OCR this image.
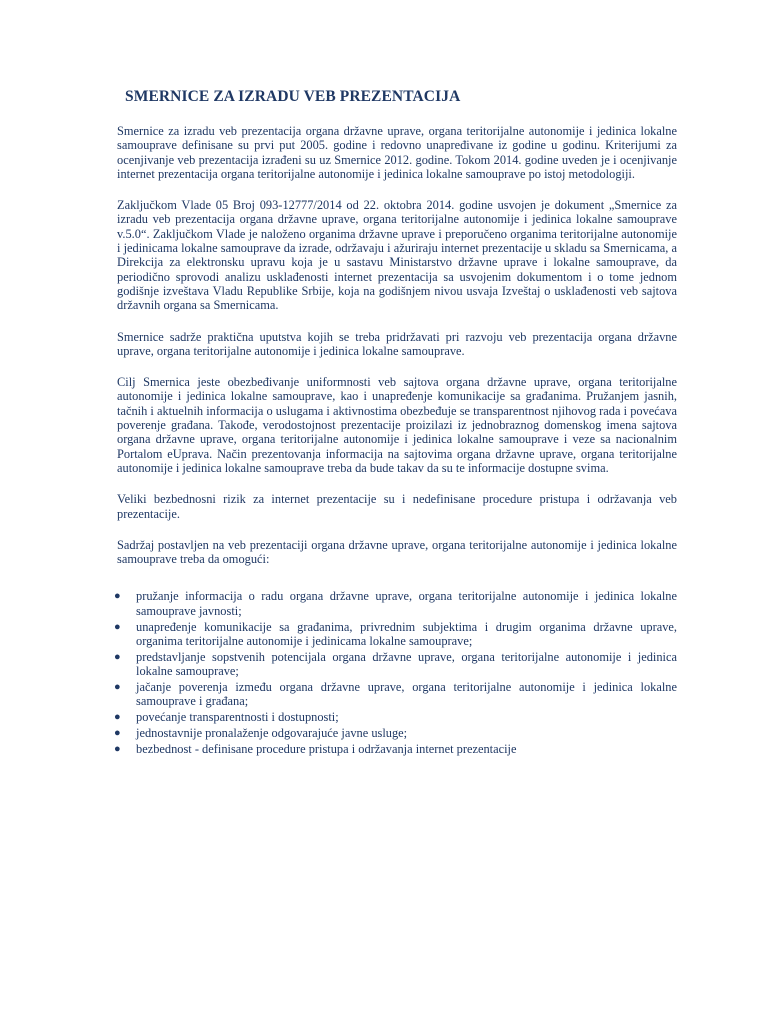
SMERNICE ZA IZRADU VEB PREZENTACIJA

Smernice za izradu veb prezentacija organa državne uprave, organa teritorijalne autonomije i jedinica lokalne samouprave definisane su prvi put 2005. godine i redovno unapređivane iz godine u godinu. Kriterijumi za ocenjivanje veb prezentacija izrađeni su uz Smernice 2012. godine. Tokom 2014. godine uveden je i ocenjivanje internet prezentacija organa teritorijalne autonomije i jedinica lokalne samouprave po istoj metodologiji.

Zaključkom Vlade 05 Broj 093-12777/2014 od 22. oktobra 2014. godine usvojen je dokument „Smernice za izradu veb prezentacija organa državne uprave, organa teritorijalne autonomije i jedinica lokalne samouprave v.5.0“. Zaključkom Vlade je naloženo organima državne uprave i preporučeno organima teritorijalne autonomije i jedinicama lokalne samouprave da izrade, održavaju i ažuriraju internet prezentacije u skladu sa Smernicama, a Direkcija za elektronsku upravu koja je u sastavu Ministarstvo državne uprave i lokalne samouprave, da periodično sprovodi analizu usklađenosti internet prezentacija sa usvojenim dokumentom i o tome jednom godišnje izveštava Vladu Republike Srbije, koja na godišnjem nivou usvaja Izveštaj o usklađenosti veb sajtova državnih organa sa Smernicama.

Smernice sadrže praktična uputstva kojih se treba pridržavati pri razvoju veb prezentacija organa državne uprave, organa teritorijalne autonomije i jedinica lokalne samouprave.

Cilj Smernica jeste obezbeđivanje uniformnosti veb sajtova organa državne uprave, organa teritorijalne autonomije i jedinica lokalne samouprave, kao i unapređenje komunikacije sa građanima. Pružanjem jasnih, tačnih i aktuelnih informacija o uslugama i aktivnostima obezbeđuje se transparentnost njihovog rada i povećava poverenje građana. Takođe, verodostojnost prezentacije proizilazi iz jednobraznog domenskog imena sajtova organa državne uprave, organa teritorijalne autonomije i jedinica lokalne samouprave i veze sa nacionalnim Portalom eUprava. Način prezentovanja informacija na sajtovima organa državne uprave, organa teritorijalne autonomije i jedinica lokalne samouprave treba da bude takav da su te informacije dostupne svima.

Veliki bezbednosni rizik za internet prezentacije su i nedefinisane procedure pristupa i održavanja veb prezentacije.

Sadržaj postavljen na veb prezentaciji organa državne uprave, organa teritorijalne autonomije i jedinica lokalne samouprave treba da omogući:

● pružanje informacija o radu organa državne uprave, organa teritorijalne autonomije i jedinica lokalne samouprave javnosti;
● unapređenje komunikacije sa građanima, privrednim subjektima i drugim organima državne uprave, organima teritorijalne autonomije i jedinicama lokalne samouprave;
● predstavljanje sopstvenih potencijala organa državne uprave, organa teritorijalne autonomije i jedinica lokalne samouprave;
● jačanje poverenja između organa državne uprave, organa teritorijalne autonomije i jedinica lokalne samouprave i građana;
● povećanje transparentnosti i dostupnosti;
● jednostavnije pronalaženje odgovarajuće javne usluge;
● bezbednost - definisane procedure pristupa i održavanja internet prezentacije
